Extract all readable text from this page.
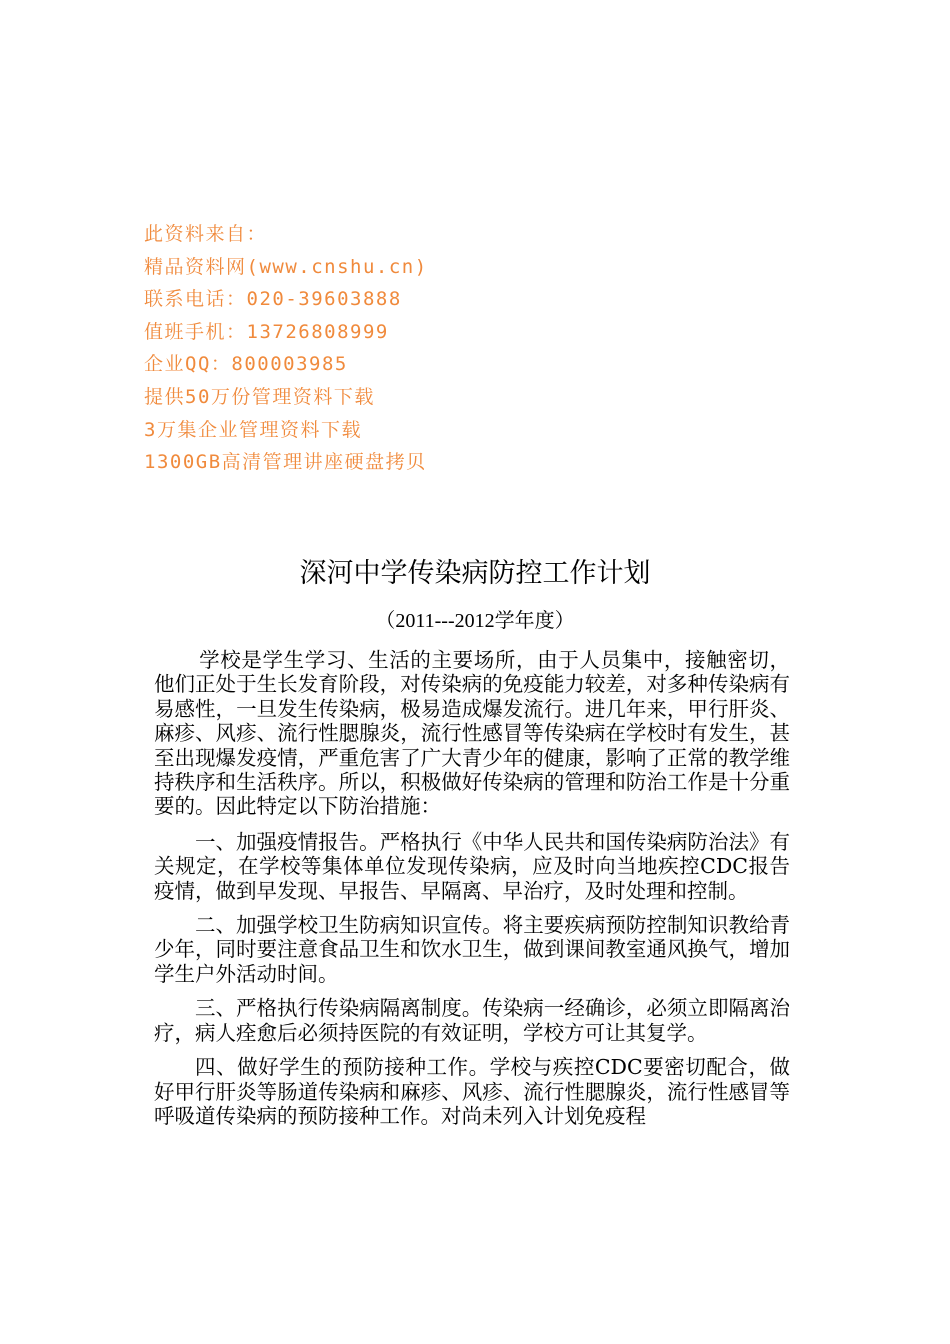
此资料来自：
精品资料网(www.cnshu.cn)
联系电话：020-39603888
值班手机：13726808999
企业QQ：800003985
提供50万份管理资料下载
3万集企业管理资料下载
1300GB高清管理讲座硬盘拷贝
深河中学传染病防控工作计划
（2011---2012学年度）

学校是学生学习、生活的主要场所，由于人员集中，接触密切，他们正处于生长发育阶段，对传染病的免疫能力较差，对多种传染病有易感性，一旦发生传染病，极易造成爆发流行。进几年来，甲行肝炎、麻疹、风疹、流行性腮腺炎，流行性感冒等传染病在学校时有发生，甚至出现爆发疫情，严重危害了广大青少年的健康，影响了正常的教学维持秩序和生活秩序。所以，积极做好传染病的管理和防治工作是十分重要的。因此特定以下防治措施：

一、加强疫情报告。严格执行《中华人民共和国传染病防治法》有关规定，在学校等集体单位发现传染病，应及时向当地疾控CDC报告疫情，做到早发现、早报告、早隔离、早治疗，及时处理和控制。

二、加强学校卫生防病知识宣传。将主要疾病预防控制知识教给青少年，同时要注意食品卫生和饮水卫生，做到课间教室通风换气，增加学生户外活动时间。

三、严格执行传染病隔离制度。传染病一经确诊，必须立即隔离治疗，病人痊愈后必须持医院的有效证明，学校方可让其复学。

四、做好学生的预防接种工作。学校与疾控CDC要密切配合，做好甲行肝炎等肠道传染病和麻疹、风疹、流行性腮腺炎，流行性感冒等呼吸道传染病的预防接种工作。对尚未列入计划免疫程
